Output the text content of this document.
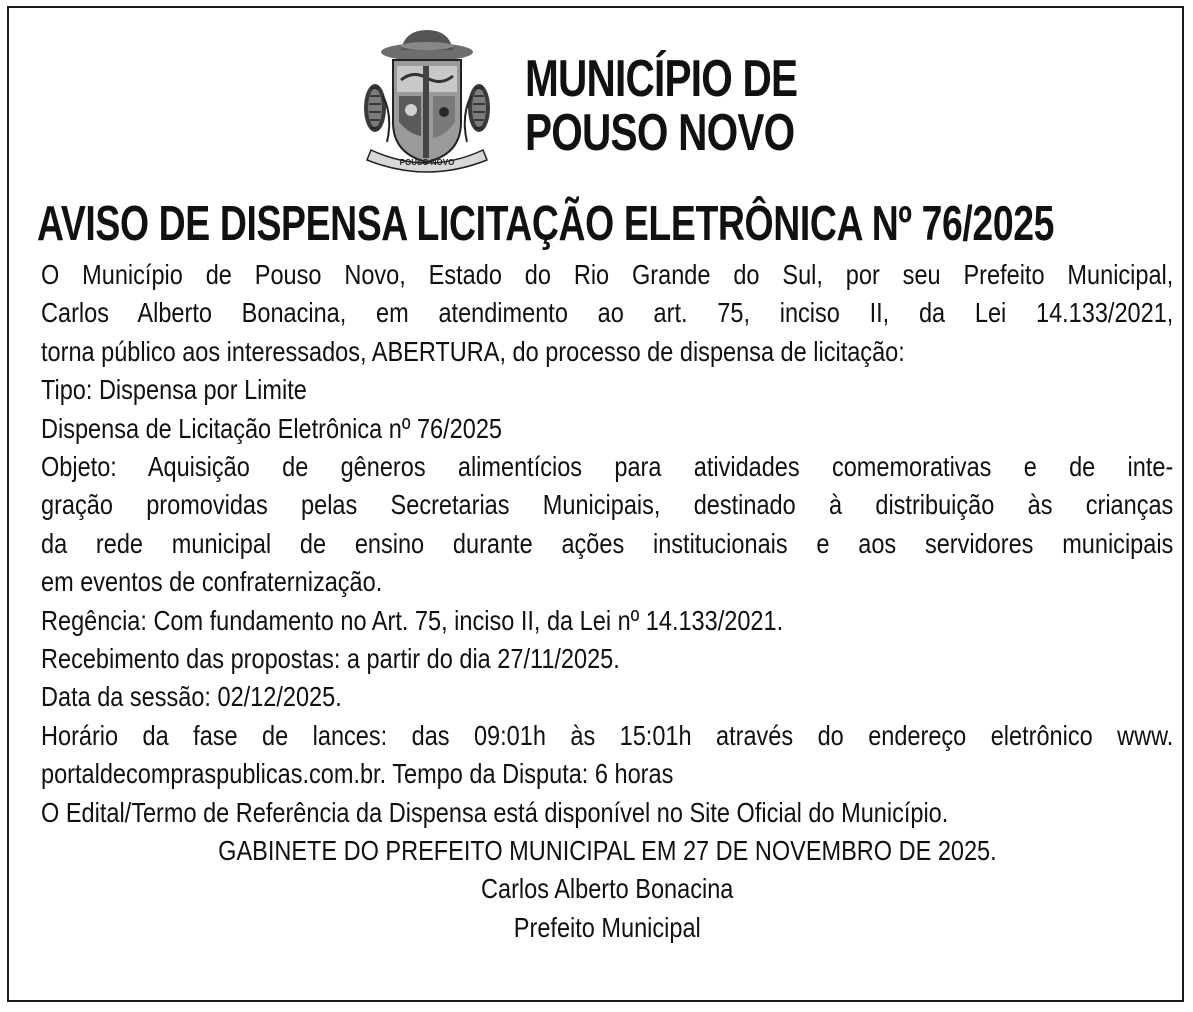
POUSO NOVO
MUNICÍPIO DE
POUSO NOVO
AVISO DE DISPENSA LICITAÇÃO ELETRÔNICA Nº 76/2025
O Município de Pouso Novo, Estado do Rio Grande do Sul, por seu Prefeito Municipal,
Carlos Alberto Bonacina, em atendimento ao art. 75, inciso II, da Lei 14.133/2021,
torna público aos interessados, ABERTURA, do processo de dispensa de licitação:
Tipo: Dispensa por Limite
Dispensa de Licitação Eletrônica nº 76/2025
Objeto: Aquisição de gêneros alimentícios para atividades comemorativas e de inte-
gração promovidas pelas Secretarias Municipais, destinado à distribuição às crianças
da rede municipal de ensino durante ações institucionais e aos servidores municipais
em eventos de confraternização.
Regência: Com fundamento no Art. 75, inciso II, da Lei nº 14.133/2021.
Recebimento das propostas: a partir do dia 27/11/2025.
Data da sessão: 02/12/2025.
Horário da fase de lances: das 09:01h às 15:01h através do endereço eletrônico www.
portaldecompraspublicas.com.br. Tempo da Disputa: 6 horas
O Edital/Termo de Referência da Dispensa está disponível no Site Oficial do Município.
GABINETE DO PREFEITO MUNICIPAL EM 27 DE NOVEMBRO DE 2025.
Carlos Alberto Bonacina
Prefeito Municipal
